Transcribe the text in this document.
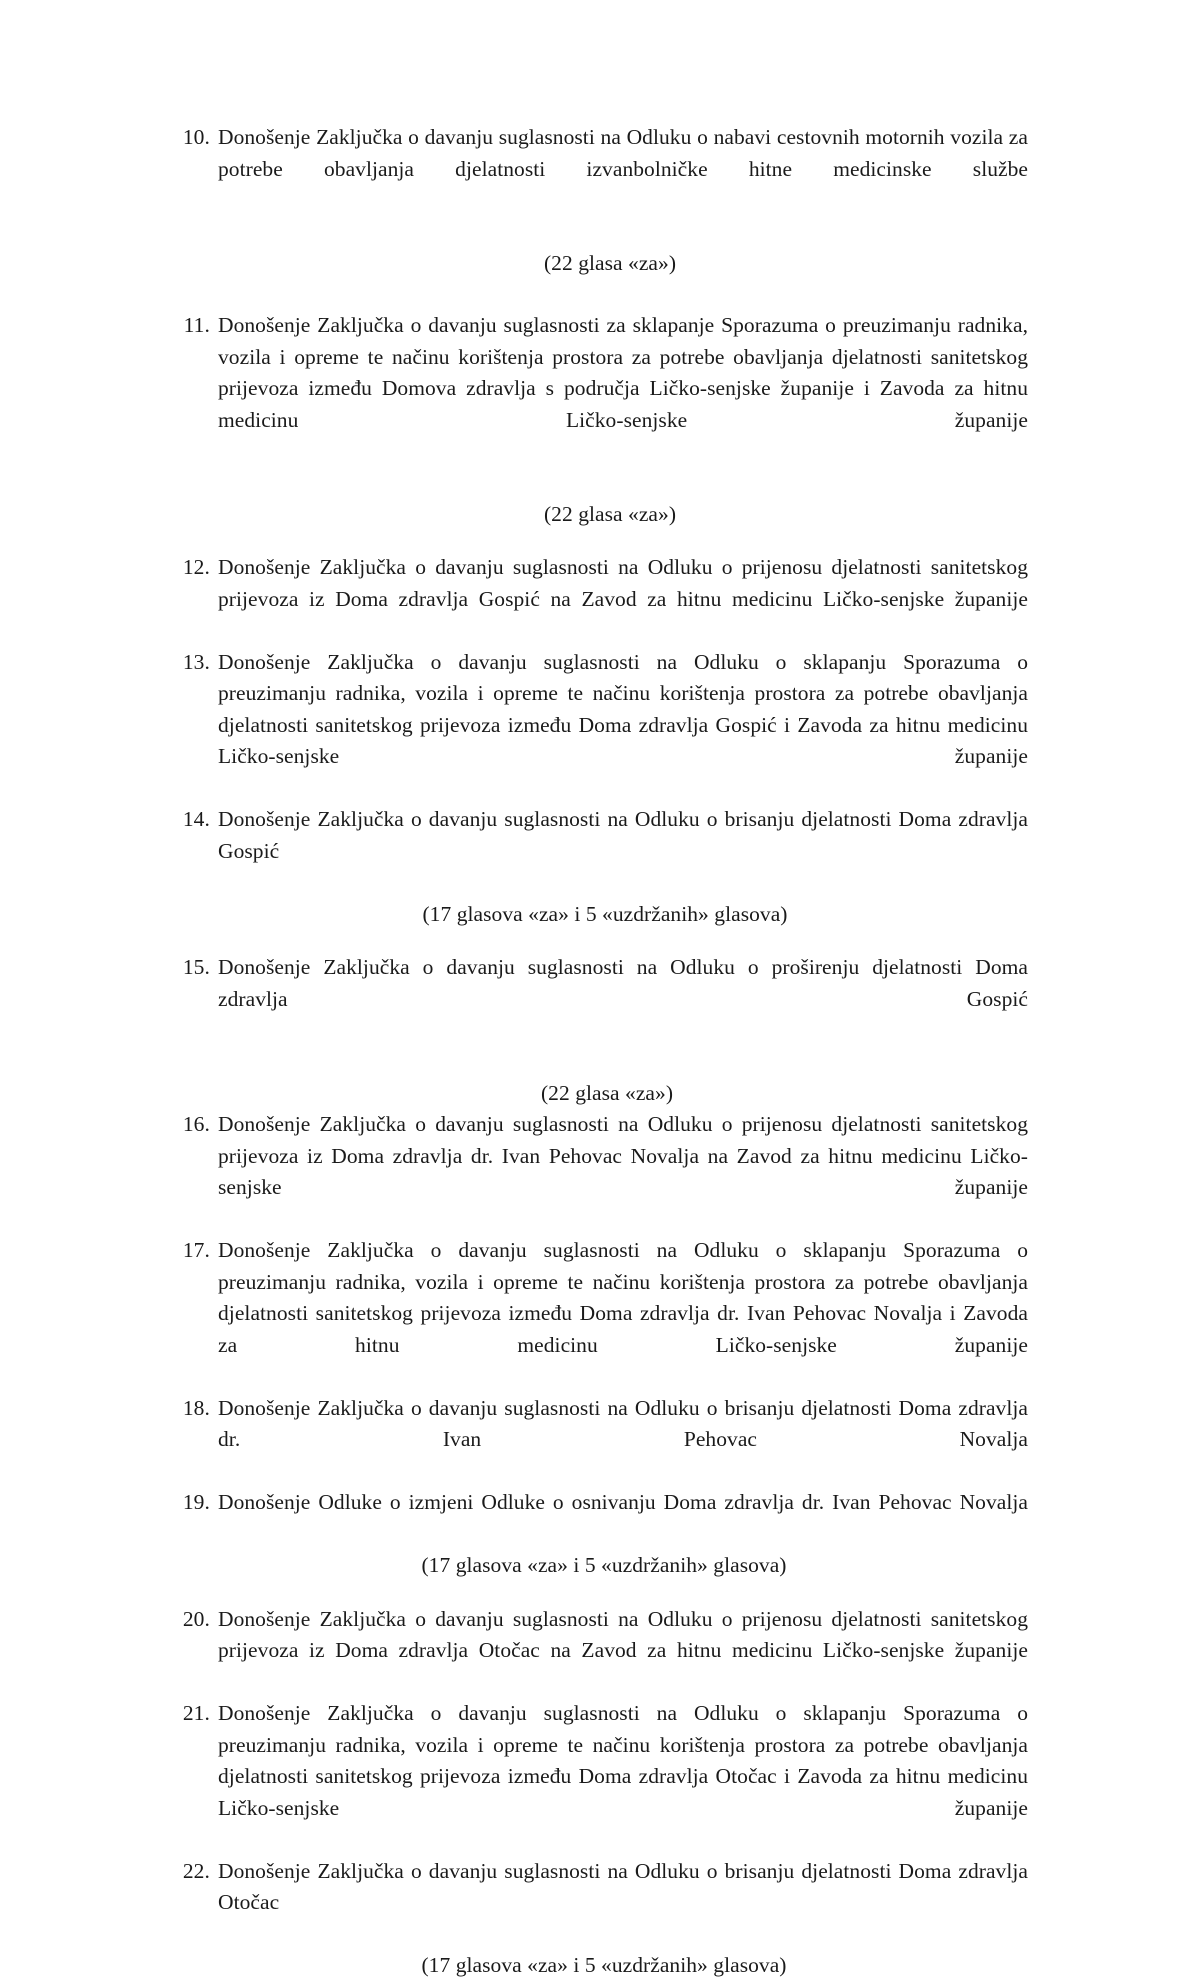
10. Donošenje Zaključka o davanju suglasnosti na Odluku o nabavi cestovnih motornih vozila za potrebe obavljanja djelatnosti izvanbolničke hitne medicinske službe
(22 glasa «za»)
11. Donošenje Zaključka o davanju suglasnosti za sklapanje Sporazuma o preuzimanju radnika, vozila i opreme te načinu korištenja prostora za potrebe obavljanja djelatnosti sanitetskog prijevoza između Domova zdravlja s područja Ličko-senjske županije i Zavoda za hitnu medicinu Ličko-senjske županije
(22 glasa «za»)
12. Donošenje Zaključka o davanju suglasnosti na Odluku o prijenosu djelatnosti sanitetskog prijevoza iz Doma zdravlja Gospić na Zavod za hitnu medicinu Ličko-senjske županije
13. Donošenje Zaključka o davanju suglasnosti na Odluku o sklapanju Sporazuma o preuzimanju radnika, vozila i opreme te načinu korištenja prostora za potrebe obavljanja djelatnosti sanitetskog prijevoza između Doma zdravlja Gospić i Zavoda za hitnu medicinu Ličko-senjske županije
14. Donošenje Zaključka o davanju suglasnosti na Odluku o brisanju djelatnosti Doma zdravlja Gospić
(17 glasova «za» i 5 «uzdržanih» glasova)
15. Donošenje Zaključka o davanju suglasnosti na Odluku o proširenju djelatnosti Doma zdravlja Gospić
(22 glasa «za»)
16. Donošenje Zaključka o davanju suglasnosti na Odluku o prijenosu djelatnosti sanitetskog prijevoza iz Doma zdravlja dr. Ivan Pehovac Novalja na Zavod za hitnu medicinu Ličko-senjske županije
17. Donošenje Zaključka o davanju suglasnosti na Odluku o sklapanju Sporazuma o preuzimanju radnika, vozila i opreme te načinu korištenja prostora za potrebe obavljanja djelatnosti sanitetskog prijevoza između Doma zdravlja dr. Ivan Pehovac Novalja i Zavoda za hitnu medicinu Ličko-senjske županije
18. Donošenje Zaključka o davanju suglasnosti na Odluku o brisanju djelatnosti Doma zdravlja dr. Ivan Pehovac Novalja
19. Donošenje Odluke o izmjeni Odluke o osnivanju Doma zdravlja dr. Ivan Pehovac Novalja
(17 glasova «za» i 5 «uzdržanih» glasova)
20. Donošenje Zaključka o davanju suglasnosti na Odluku o prijenosu djelatnosti sanitetskog prijevoza iz Doma zdravlja Otočac na Zavod za hitnu medicinu Ličko-senjske županije
21. Donošenje Zaključka o davanju suglasnosti na Odluku o sklapanju Sporazuma o preuzimanju radnika, vozila i opreme te načinu korištenja prostora za potrebe obavljanja djelatnosti sanitetskog prijevoza između Doma zdravlja Otočac i Zavoda za hitnu medicinu Ličko-senjske županije
22. Donošenje Zaključka o davanju suglasnosti na Odluku o brisanju djelatnosti Doma zdravlja Otočac
(17 glasova «za» i 5 «uzdržanih» glasova)
